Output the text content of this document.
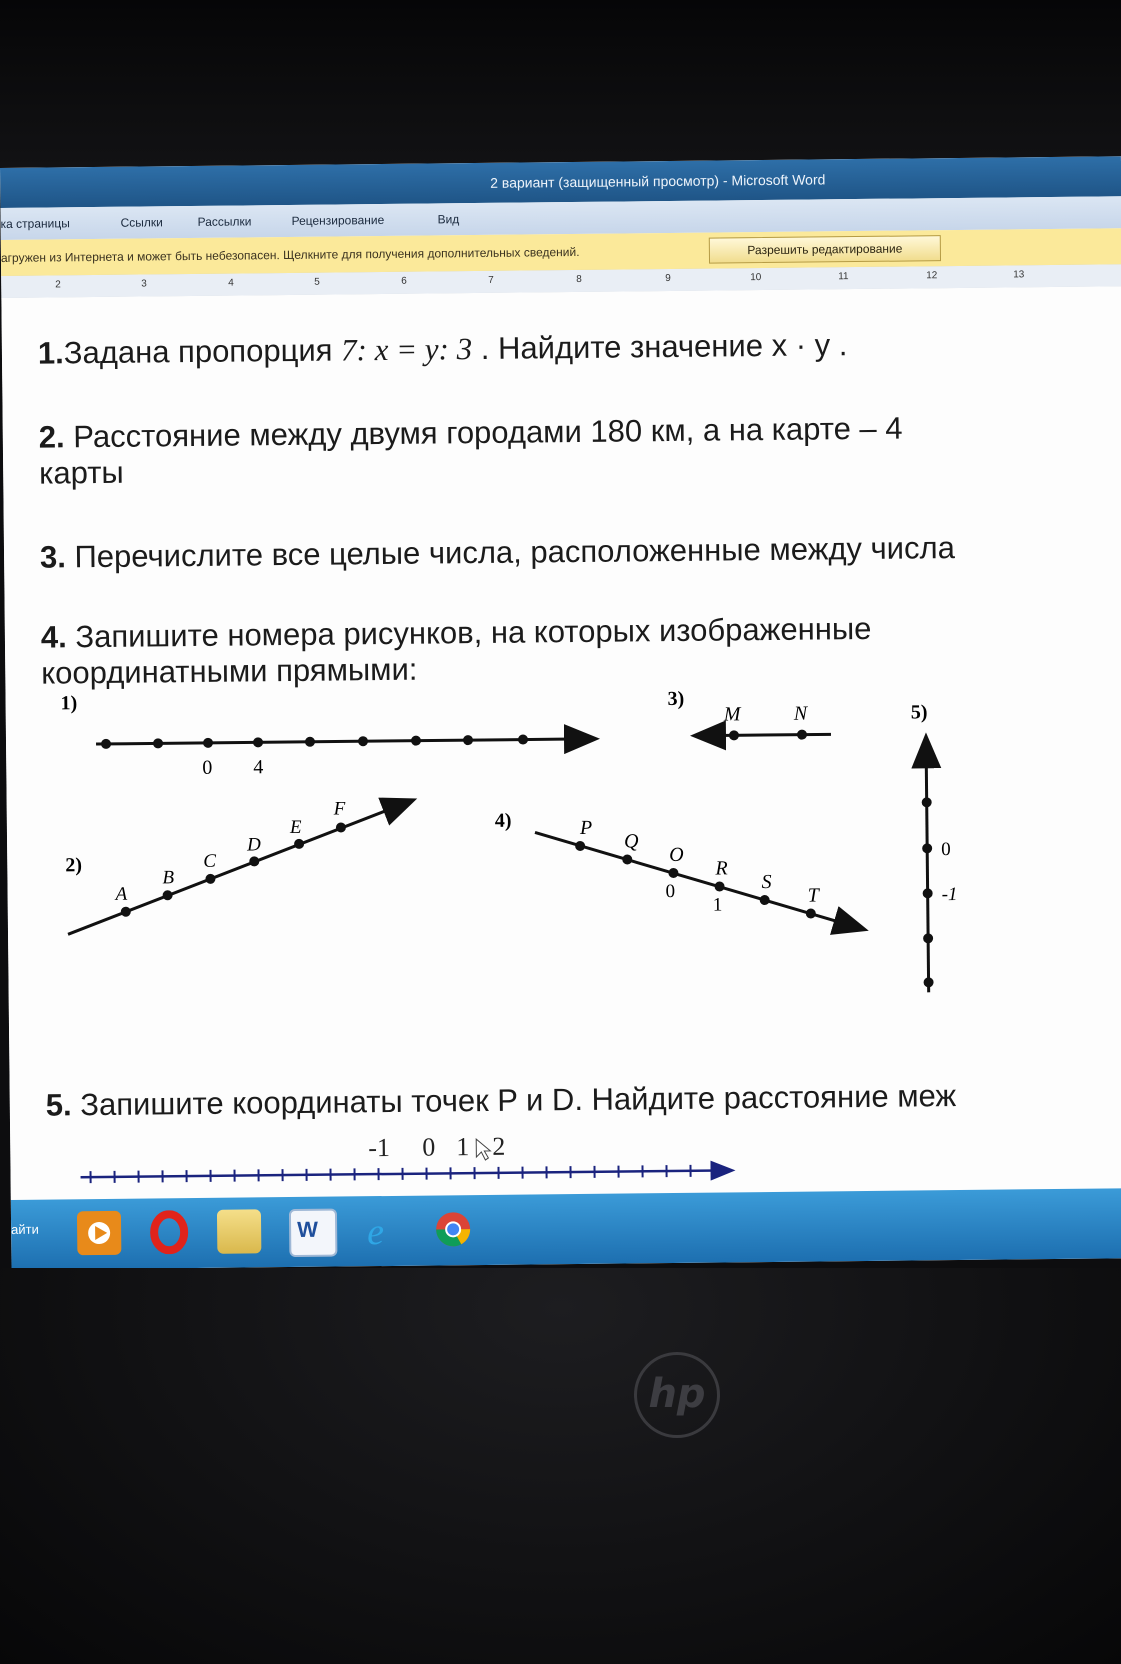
2 вариант (защищенный просмотр) - Microsoft Word
ка страницы	Ссылки	Рассылки	Рецензирование	Вид
агружен из Интернета и может быть небезопасен. Щелкните для получения дополнительных сведений.	Разрешить редактирование
2	3	4	5	6	7	8	9	10	11	12	13
1.Задана пропорция 7: x = y: 3 . Найдите значение x · y .
2. Расстояние между двумя городами 180 км, а на карте – 4
карты
3. Перечислите все целые числа, расположенные между числа
4. Запишите номера рисунков, на которых изображенные
координатными прямыми:
1)
0 4
2)
A
B
C
D
E
F
3)
M	N
4)	P
Q
O
R
S
T
0
1
5)
0
-1
5. Запишите координаты точек P и D. Найдите расстояние меж
-1 0 1 2
айти	W e
hp
